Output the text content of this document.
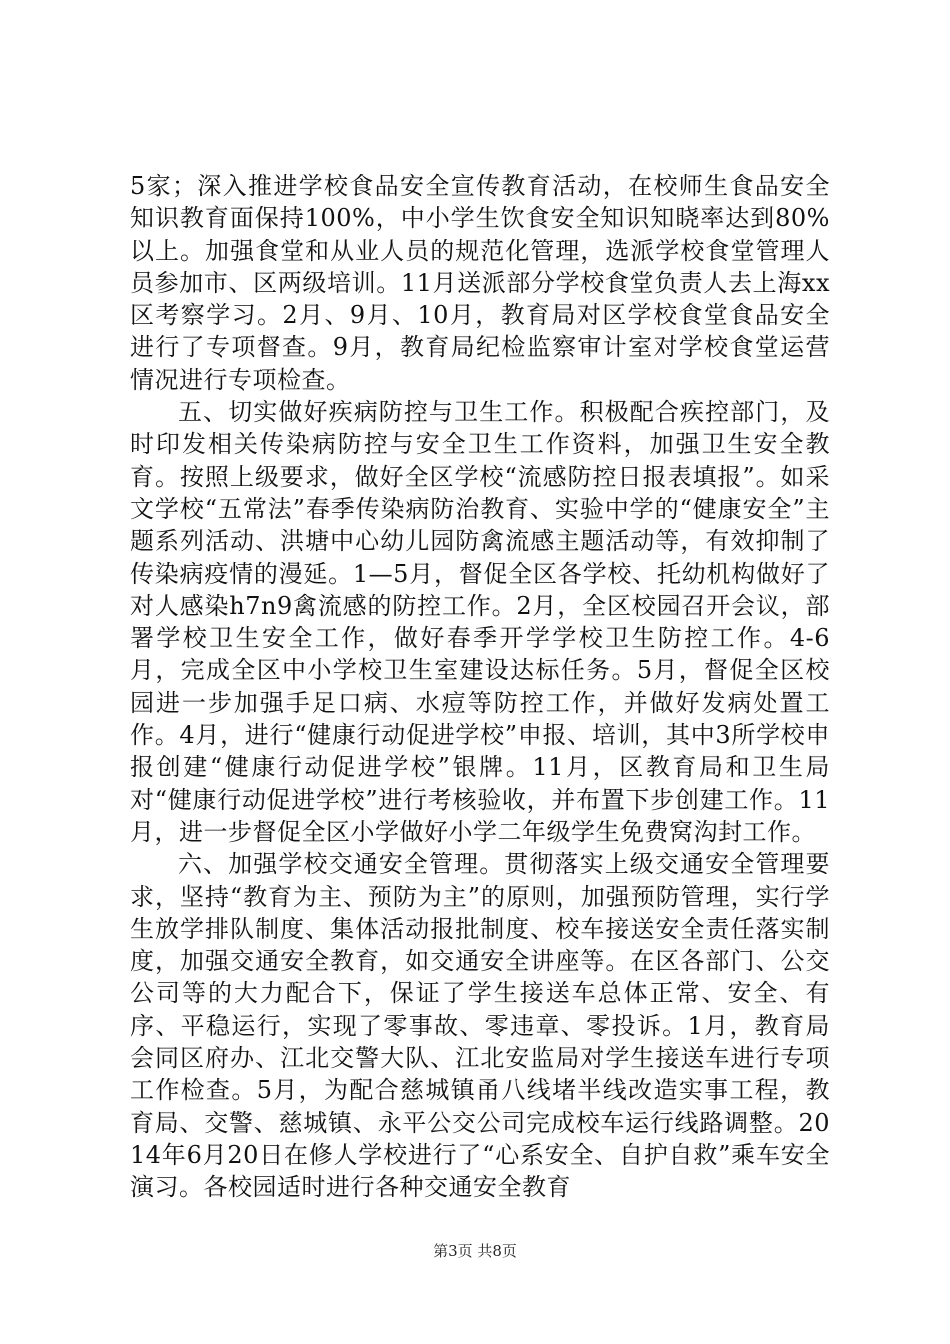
5家；深入推进学校食品安全宣传教育活动，在校师生食品安全知识教育面保持100%，中小学生饮食安全知识知晓率达到80%以上。加强食堂和从业人员的规范化管理，选派学校食堂管理人员参加市、区两级培训。11月送派部分学校食堂负责人去上海xx区考察学习。2月、9月、10月，教育局对区学校食堂食品安全进行了专项督查。9月，教育局纪检监察审计室对学校食堂运营情况进行专项检查。

五、切实做好疾病防控与卫生工作。积极配合疾控部门，及时印发相关传染病防控与安全卫生工作资料，加强卫生安全教育。按照上级要求，做好全区学校“流感防控日报表填报”。如采文学校“五常法”春季传染病防治教育、实验中学的“健康安全”主题系列活动、洪塘中心幼儿园防禽流感主题活动等，有效抑制了传染病疫情的漫延。1—5月，督促全区各学校、托幼机构做好了对人感染h7n9禽流感的防控工作。2月，全区校园召开会议，部署学校卫生安全工作，做好春季开学学校卫生防控工作。4-6月，完成全区中小学校卫生室建设达标任务。5月，督促全区校园进一步加强手足口病、水痘等防控工作，并做好发病处置工作。4月，进行“健康行动促进学校”申报、培训，其中3所学校申报创建“健康行动促进学校”银牌。11月，区教育局和卫生局对“健康行动促进学校”进行考核验收，并布置下步创建工作。11月，进一步督促全区小学做好小学二年级学生免费窝沟封工作。

六、加强学校交通安全管理。贯彻落实上级交通安全管理要求，坚持“教育为主、预防为主”的原则，加强预防管理，实行学生放学排队制度、集体活动报批制度、校车接送安全责任落实制度，加强交通安全教育，如交通安全讲座等。在区各部门、公交公司等的大力配合下，保证了学生接送车总体正常、安全、有序、平稳运行，实现了零事故、零违章、零投诉。1月，教育局会同区府办、江北交警大队、江北安监局对学生接送车进行专项工作检查。5月，为配合慈城镇甬八线堵半线改造实事工程，教育局、交警、慈城镇、永平公交公司完成校车运行线路调整。2014年6月20日在修人学校进行了“心系安全、自护自救”乘车安全演习。各校园适时进行各种交通安全教育

第3页 共8页
